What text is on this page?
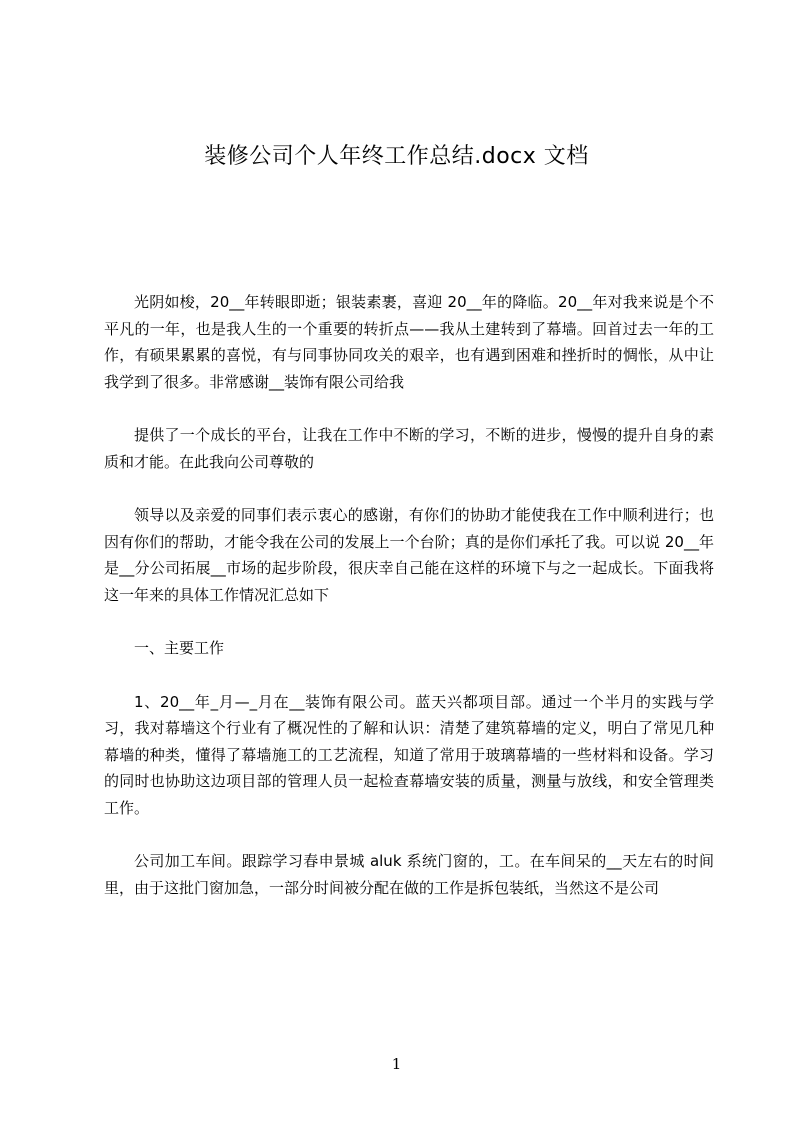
装修公司个人年终工作总结.docx 文档

光阴如梭，20__年转眼即逝；银装素裹，喜迎 20__年的降临。20__年对我来说是个不平凡的一年，也是我人生的一个重要的转折点——我从土建转到了幕墙。回首过去一年的工作，有硕果累累的喜悦，有与同事协同攻关的艰辛，也有遇到困难和挫折时的惆怅，从中让我学到了很多。非常感谢__装饰有限公司给我

提供了一个成长的平台，让我在工作中不断的学习，不断的进步，慢慢的提升自身的素质和才能。在此我向公司尊敬的

领导以及亲爱的同事们表示衷心的感谢，有你们的协助才能使我在工作中顺利进行；也因有你们的帮助，才能令我在公司的发展上一个台阶；真的是你们承托了我。可以说 20__年是__分公司拓展__市场的起步阶段，很庆幸自己能在这样的环境下与之一起成长。下面我将这一年来的具体工作情况汇总如下

一、主要工作

1、20__年_月—_月在__装饰有限公司。蓝天兴都项目部。通过一个半月的实践与学习，我对幕墙这个行业有了概况性的了解和认识：清楚了建筑幕墙的定义，明白了常见几种幕墙的种类，懂得了幕墙施工的工艺流程，知道了常用于玻璃幕墙的一些材料和设备。学习的同时也协助这边项目部的管理人员一起检查幕墙安装的质量，测量与放线，和安全管理类工作。

公司加工车间。跟踪学习春申景城 aluk 系统门窗的，工。在车间呆的__天左右的时间里，由于这批门窗加急，一部分时间被分配在做的工作是拆包装纸，当然这不是公司

1
